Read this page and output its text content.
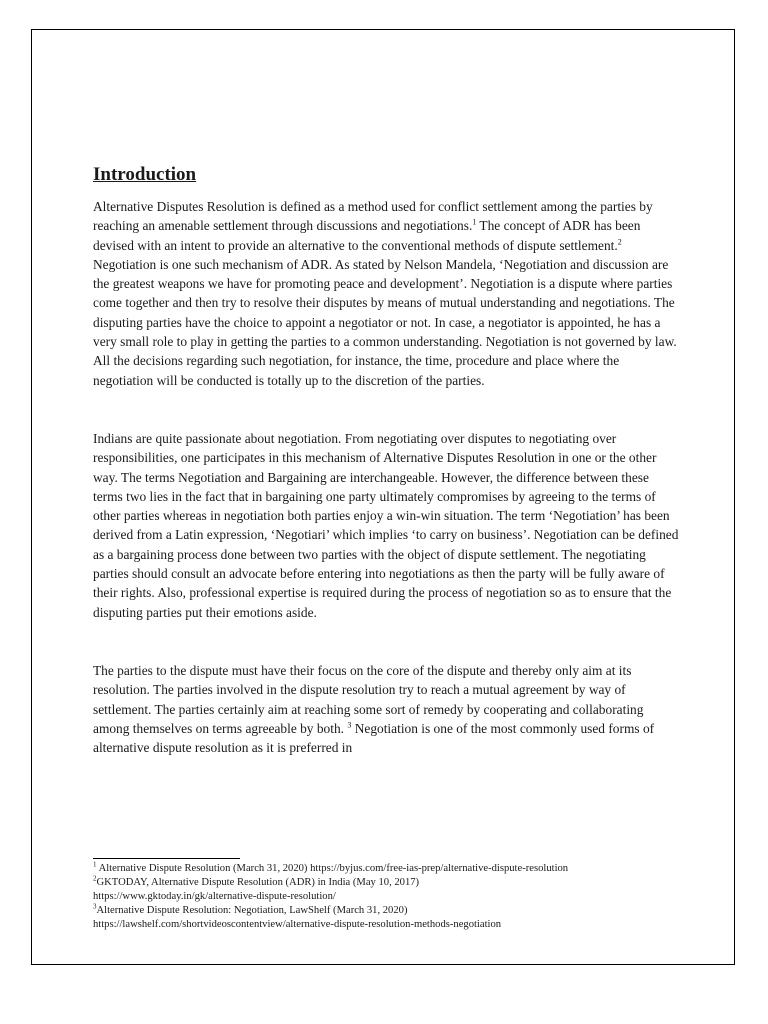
Introduction

Alternative Disputes Resolution is defined as a method used for conflict settlement among the parties by reaching an amenable settlement through discussions and negotiations.$^1$ The concept of ADR has been devised with an intent to provide an alternative to the conventional methods of dispute settlement.$^2$ Negotiation is one such mechanism of ADR. As stated by Nelson Mandela, ‘Negotiation and discussion are the greatest weapons we have for promoting peace and development’. Negotiation is a dispute where parties come together and then try to resolve their disputes by means of mutual understanding and negotiations. The disputing parties have the choice to appoint a negotiator or not. In case, a negotiator is appointed, he has a very small role to play in getting the parties to a common understanding. Negotiation is not governed by law. All the decisions regarding such negotiation, for instance, the time, procedure and place where the negotiation will be conducted is totally up to the discretion of the parties.

Indians are quite passionate about negotiation. From negotiating over disputes to negotiating over responsibilities, one participates in this mechanism of Alternative Disputes Resolution in one or the other way. The terms Negotiation and Bargaining are interchangeable. However, the difference between these terms two lies in the fact that in bargaining one party ultimately compromises by agreeing to the terms of other parties whereas in negotiation both parties enjoy a win-win situation. The term ‘Negotiation’ has been derived from a Latin expression, ‘Negotiari’ which implies ‘to carry on business’. Negotiation can be defined as a bargaining process done between two parties with the object of dispute settlement. The negotiating parties should consult an advocate before entering into negotiations as then the party will be fully aware of their rights. Also, professional expertise is required during the process of negotiation so as to ensure that the disputing parties put their emotions aside.

The parties to the dispute must have their focus on the core of the dispute and thereby only aim at its resolution. The parties involved in the dispute resolution try to reach a mutual agreement by way of settlement. The parties certainly aim at reaching some sort of remedy by cooperating and collaborating among themselves on terms agreeable by both. $^3$ Negotiation is one of the most commonly used forms of alternative dispute resolution as it is preferred in

$^1$ Alternative Dispute Resolution (March 31, 2020) https://byjus.com/free-ias-prep/alternative-dispute-resolution

$^2$GKTODAY, Alternative Dispute Resolution (ADR) in India (May 10, 2017)

https://www.gktoday.in/gk/alternative-dispute-resolution/

$^3$Alternative Dispute Resolution: Negotiation, LawShelf (March 31, 2020)

https://lawshelf.com/shortvideoscontentview/alternative-dispute-resolution-methods-negotiation
